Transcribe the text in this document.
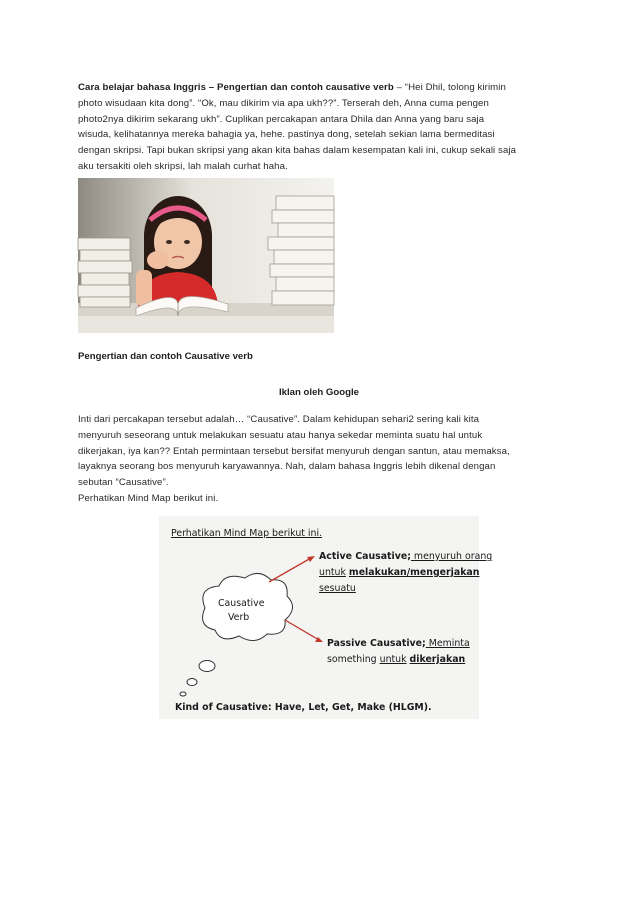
Cara belajar bahasa Inggris – Pengertian dan contoh causative verb – “Hei Dhil, tolong kirimin
photo wisudaan kita dong”. “Ok, mau dikirim via apa ukh??”. Terserah deh, Anna cuma pengen
photo2nya dikirim sekarang ukh”. Cuplikan percakapan antara Dhila dan Anna yang baru saja
wisuda, kelihatannya mereka bahagia ya, hehe. pastinya dong, setelah sekian lama bermeditasi
dengan skripsi. Tapi bukan skripsi yang akan kita bahas dalam kesempatan kali ini, cukup sekali saja
aku tersakiti oleh skripsi, lah malah curhat haha.
Pengertian dan contoh Causative verb
Iklan oleh Google
Inti dari percakapan tersebut adalah… “Causative”. Dalam kehidupan sehari2 sering kali kita
menyuruh seseorang untuk melakukan sesuatu atau hanya sekedar meminta suatu hal untuk
dikerjakan, iya kan?? Entah permintaan tersebut bersifat menyuruh dengan santun, atau memaksa,
layaknya seorang bos menyuruh karyawannya. Nah, dalam bahasa Inggris lebih dikenal dengan
sebutan “Causative”.
Perhatikan Mind Map berikut ini.
Perhatikan Mind Map berikut ini.
Causative
Verb
Active Causative; menyuruh orang
untuk melakukan/mengerjakan
sesuatu
Passive Causative; Meminta
something untuk dikerjakan
Kind of Causative: Have, Let, Get, Make (HLGM).
